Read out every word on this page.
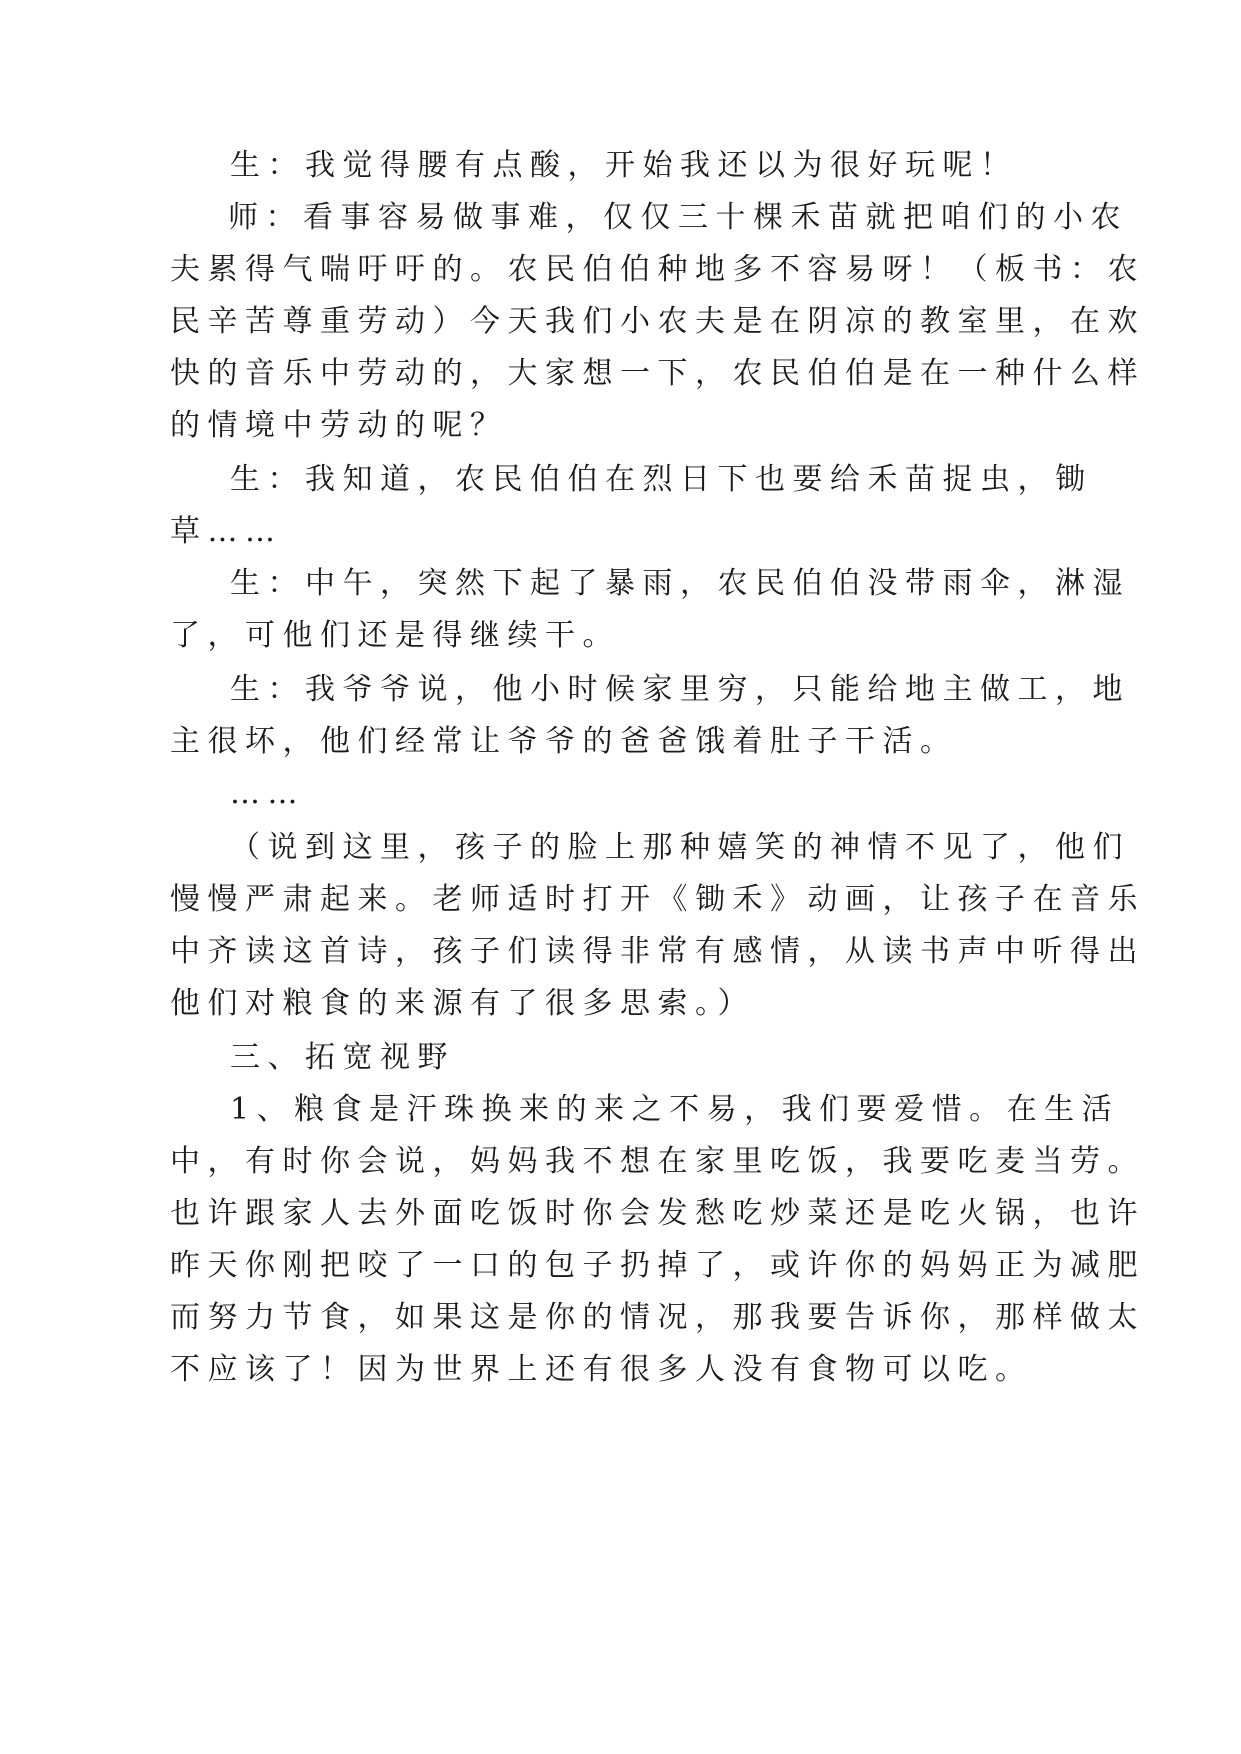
生：我觉得腰有点酸，开始我还以为很好玩呢！
师：看事容易做事难，仅仅三十棵禾苗就把咱们的小农
夫累得气喘吁吁的。农民伯伯种地多不容易呀！（板书：农
民辛苦尊重劳动）今天我们小农夫是在阴凉的教室里，在欢
快的音乐中劳动的，大家想一下，农民伯伯是在一种什么样
的情境中劳动的呢？
生：我知道，农民伯伯在烈日下也要给禾苗捉虫，锄
草……
生：中午，突然下起了暴雨，农民伯伯没带雨伞，淋湿
了，可他们还是得继续干。
生：我爷爷说，他小时候家里穷，只能给地主做工，地
主很坏，他们经常让爷爷的爸爸饿着肚子干活。
……
（说到这里，孩子的脸上那种嬉笑的神情不见了，他们
慢慢严肃起来。老师适时打开《锄禾》动画，让孩子在音乐
中齐读这首诗，孩子们读得非常有感情，从读书声中听得出
他们对粮食的来源有了很多思索。）
三、拓宽视野
1、粮食是汗珠换来的来之不易，我们要爱惜。在生活
中，有时你会说，妈妈我不想在家里吃饭，我要吃麦当劳。
也许跟家人去外面吃饭时你会发愁吃炒菜还是吃火锅，也许
昨天你刚把咬了一口的包子扔掉了，或许你的妈妈正为减肥
而努力节食，如果这是你的情况，那我要告诉你，那样做太
不应该了！因为世界上还有很多人没有食物可以吃。
